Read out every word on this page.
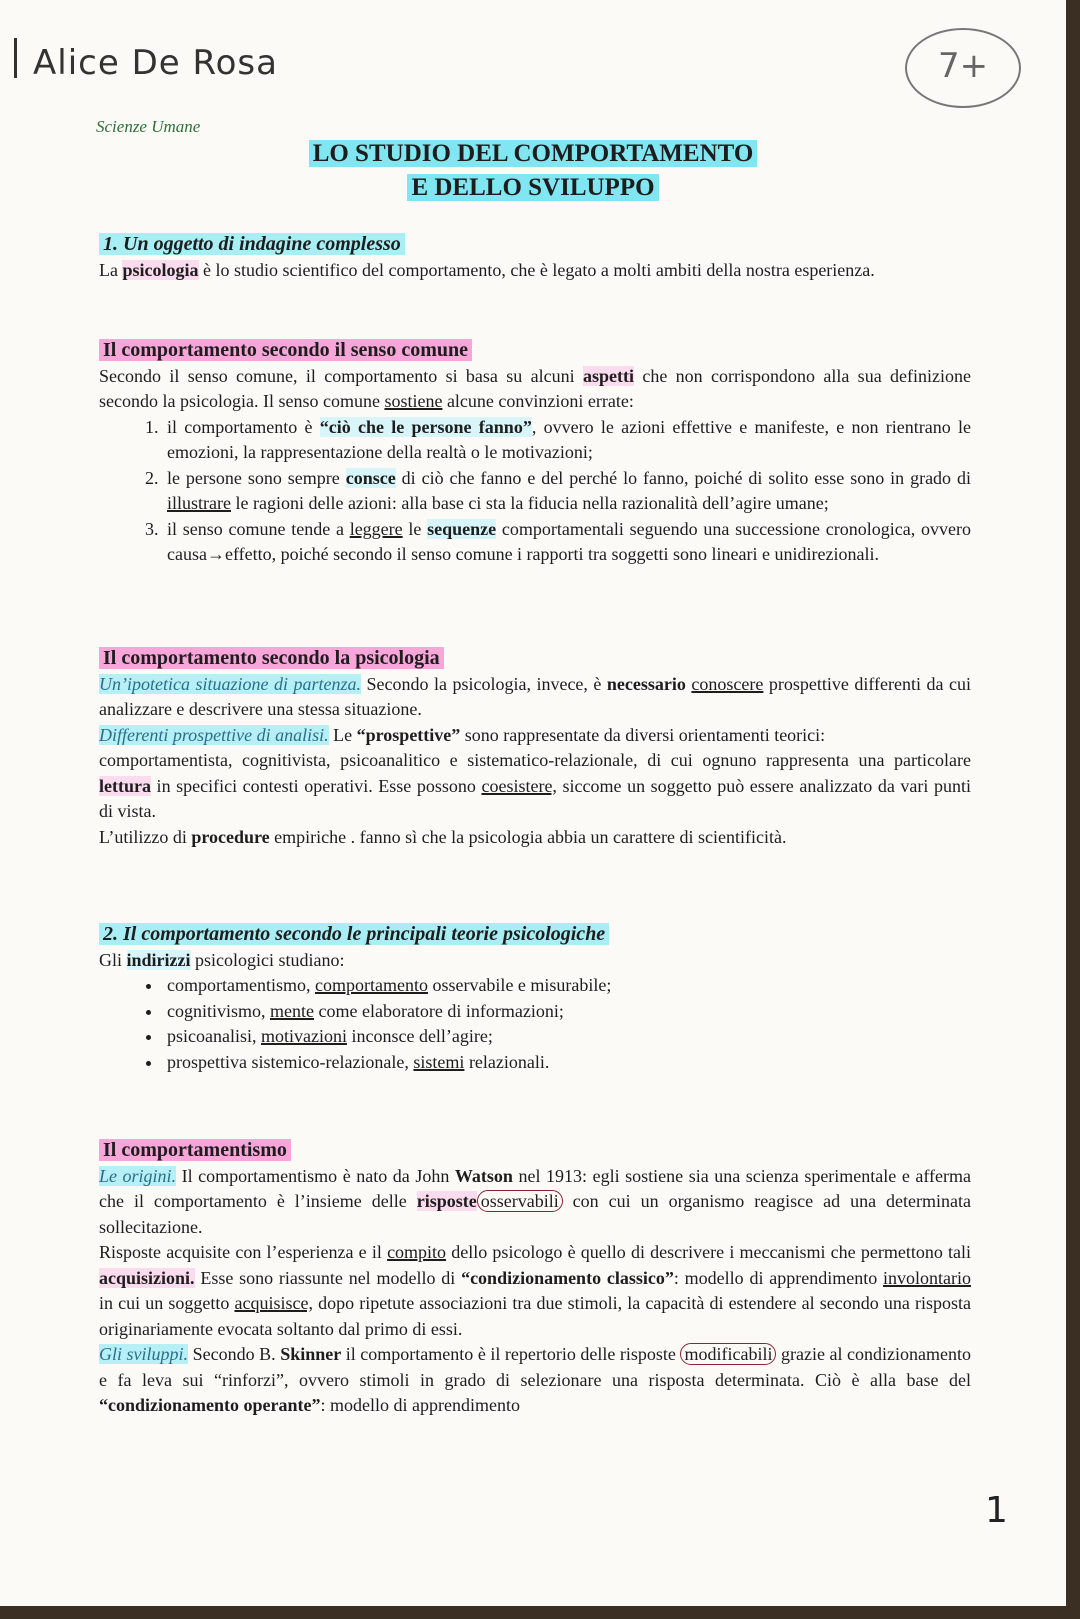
Alice De Rosa	7+
Scienze Umane
LO STUDIO DEL COMPORTAMENTO
E DELLO SVILUPPO
1. Un oggetto di indagine complesso
La psicologia è lo studio scientifico del comportamento, che è legato a molti ambiti della nostra esperienza.
Il comportamento secondo il senso comune
Secondo il senso comune, il comportamento si basa su alcuni aspetti che non corrispondono alla sua definizione secondo la psicologia. Il senso comune sostiene alcune convinzioni errate:
1. il comportamento è “ciò che le persone fanno”, ovvero le azioni effettive e manifeste, e non rientrano le emozioni, la rappresentazione della realtà o le motivazioni;
2. le persone sono sempre consce di ciò che fanno e del perché lo fanno, poiché di solito esse sono in grado di illustrare le ragioni delle azioni: alla base ci sta la fiducia nella razionalità dell’agire umane;
3. il senso comune tende a leggere le sequenze comportamentali seguendo una successione cronologica, ovvero causa→effetto, poiché secondo il senso comune i rapporti tra soggetti sono lineari e unidirezionali.
Il comportamento secondo la psicologia
Un’ipotetica situazione di partenza. Secondo la psicologia, invece, è necessario conoscere prospettive differenti da cui analizzare e descrivere una stessa situazione.
Differenti prospettive di analisi. Le “prospettive” sono rappresentate da diversi orientamenti teorici:
comportamentista, cognitivista, psicoanalitico e sistematico-relazionale, di cui ognuno rappresenta una particolare lettura in specifici contesti operativi. Esse possono coesistere, siccome un soggetto può essere analizzato da vari punti di vista.
L’utilizzo di procedure empiriche . fanno sì che la psicologia abbia un carattere di scientificità.
2. Il comportamento secondo le principali teorie psicologiche
Gli indirizzi psicologici studiano:
• comportamentismo, comportamento osservabile e misurabile;
• cognitivismo, mente come elaboratore di informazioni;
• psicoanalisi, motivazioni inconsce dell’agire;
• prospettiva sistemico-relazionale, sistemi relazionali.
Il comportamentismo
Le origini. Il comportamentismo è nato da John Watson nel 1913: egli sostiene sia una scienza sperimentale e afferma che il comportamento è l’insieme delle risposte osservabili con cui un organismo reagisce ad una determinata sollecitazione.
Risposte acquisite con l’esperienza e il compito dello psicologo è quello di descrivere i meccanismi che permettono tali acquisizioni. Esse sono riassunte nel modello di “condizionamento classico”: modello di apprendimento involontario in cui un soggetto acquisisce, dopo ripetute associazioni tra due stimoli, la capacità di estendere al secondo una risposta originariamente evocata soltanto dal primo di essi.
Gli sviluppi. Secondo B. Skinner il comportamento è il repertorio delle risposte modificabili grazie al condizionamento e fa leva sui “rinforzi”, ovvero stimoli in grado di selezionare una risposta determinata. Ciò è alla base del “condizionamento operante”: modello di apprendimento
1
